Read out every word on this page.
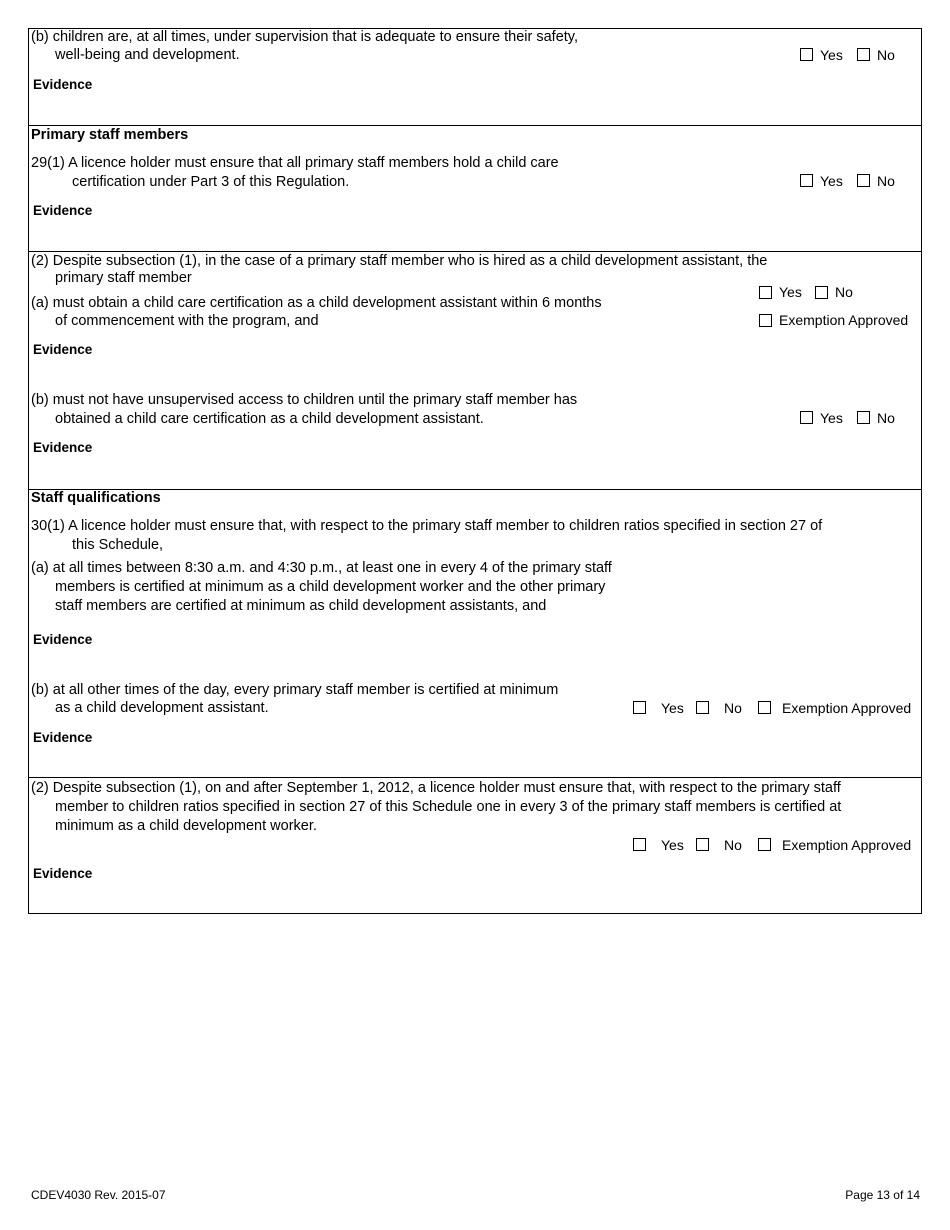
(b) children are, at all times, under supervision that is adequate to ensure their safety,
well-being and development.	Yes No
Evidence
Primary staff members
29(1) A licence holder must ensure that all primary staff members hold a child care
certification under Part 3 of this Regulation.	Yes No
Evidence
(2) Despite subsection (1), in the case of a primary staff member who is hired as a child development assistant, the
primary staff member
(a) must obtain a child care certification as a child development assistant within 6 months
of commencement with the program, and
Yes No
Exemption Approved
Evidence
(b) must not have unsupervised access to children until the primary staff member has
obtained a child care certification as a child development assistant.	Yes No
Evidence
Staff qualifications
30(1) A licence holder must ensure that, with respect to the primary staff member to children ratios specified in section 27 of
this Schedule,
(a) at all times between 8:30 a.m. and 4:30 p.m., at least one in every 4 of the primary staff
members is certified at minimum as a child development worker and the other primary
staff members are certified at minimum as child development assistants, and
Evidence
(b) at all other times of the day, every primary staff member is certified at minimum
as a child development assistant.	Yes	No	Exemption Approved
Evidence
(2) Despite subsection (1), on and after September 1, 2012, a licence holder must ensure that, with respect to the primary staff
member to children ratios specified in section 27 of this Schedule one in every 3 of the primary staff members is certified at
minimum as a child development worker.
Yes	No	Exemption Approved
Evidence
CDEV4030 Rev. 2015-07	Page 13 of 14
